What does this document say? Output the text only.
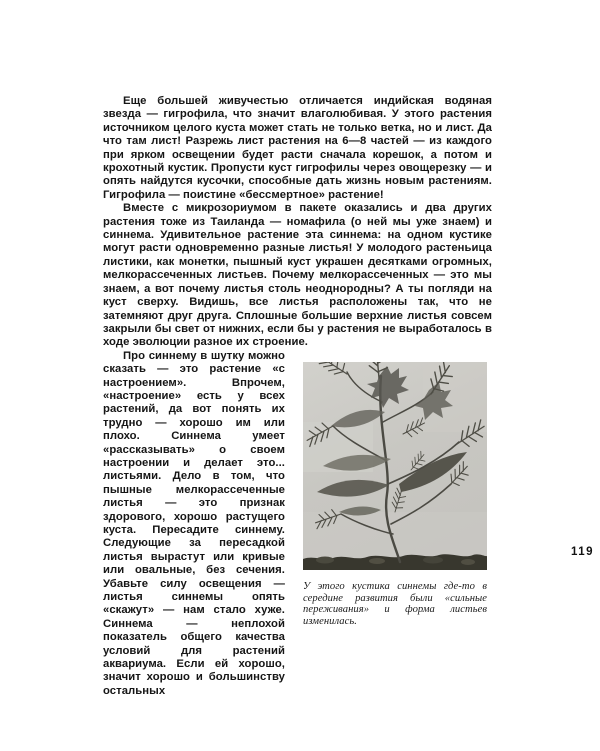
Еще большей живучестью отличается индийская водяная звезда — гигрофила, что значит влаголюбивая. У этого растения источником целого куста может стать не только ветка, но и лист. Да что там лист! Разрежь лист растения на 6—8 частей — из каждого при ярком освещении будет расти сначала корешок, а потом и крохотный кустик. Пропусти куст гигрофилы через овощерезку — и опять найдутся кусочки, способные дать жизнь новым растениям. Гигрофила — поистине «бессмертное» растение!

Вместе с микрозориумом в пакете оказались и два других растения тоже из Таиланда — номафила (о ней мы уже знаем) и синнема. Удивительное растение эта синнема: на одном кустике могут расти одновременно разные листья! У молодого растеньица листики, как монетки, пышный куст украшен десятками огромных, мелкорассеченных листьев. Почему мелкорассеченных — это мы знаем, а вот почему листья столь неоднородны? А ты погляди на куст сверху. Видишь, все листья расположены так, что не затемняют друг друга. Сплошные большие верхние листья совсем закрыли бы свет от нижних, если бы у растения не выработалось в ходе эволюции разное их строение.

У этого кустика синнемы где-то в середине развития были «сильные переживания» и форма листьев изменилась.

Про синнему в шутку можно сказать — это растение «с настроением». Впрочем, «настроение» есть у всех растений, да вот понять их трудно — хорошо им или плохо. Синнема умеет «рассказывать» о своем настроении и делает это... листьями. Дело в том, что пышные мелкорассеченные листья — это признак здорового, хорошо растущего куста. Пересадите синнему. Следующие за пересадкой листья вырастут или кривые или овальные, без сечения. Убавьте силу освещения — листья синнемы опять «скажут» — нам стало хуже. Синнема — неплохой показатель общего качества условий для растений аквариума. Если ей хорошо, значит хорошо и большинству остальных

119
